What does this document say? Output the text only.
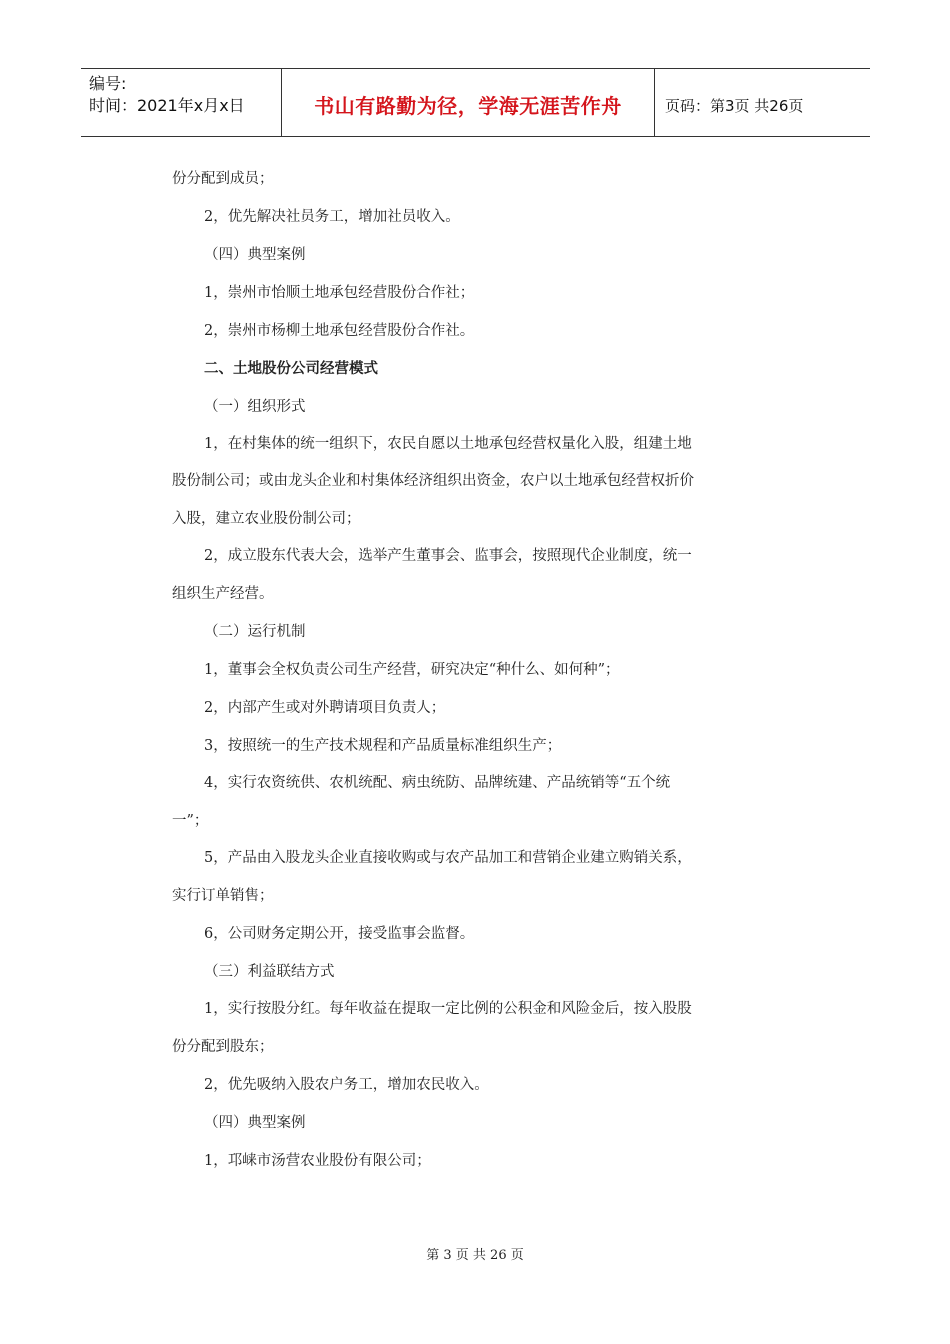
编号:
时间：2021年x月x日	书山有路勤为径，学海无涯苦作舟	页码：第3页 共26页
份分配到成员；
2，优先解决社员务工，增加社员收入。
（四）典型案例
1，崇州市怡顺土地承包经营股份合作社；
2，崇州市杨柳土地承包经营股份合作社。
二、土地股份公司经营模式
（一）组织形式
1，在村集体的统一组织下，农民自愿以土地承包经营权量化入股，组建土地
股份制公司；或由龙头企业和村集体经济组织出资金，农户以土地承包经营权折价
入股，建立农业股份制公司；
2，成立股东代表大会，选举产生董事会、监事会，按照现代企业制度，统一
组织生产经营。
（二）运行机制
1，董事会全权负责公司生产经营，研究决定“种什么、如何种”；
2，内部产生或对外聘请项目负责人；
3，按照统一的生产技术规程和产品质量标准组织生产；
4，实行农资统供、农机统配、病虫统防、品牌统建、产品统销等“五个统
一”；
5，产品由入股龙头企业直接收购或与农产品加工和营销企业建立购销关系，
实行订单销售；
6，公司财务定期公开，接受监事会监督。
（三）利益联结方式
1，实行按股分红。每年收益在提取一定比例的公积金和风险金后，按入股股
份分配到股东；
2，优先吸纳入股农户务工，增加农民收入。
（四）典型案例
1，邛崃市汤营农业股份有限公司；
第 3 页 共 26 页
